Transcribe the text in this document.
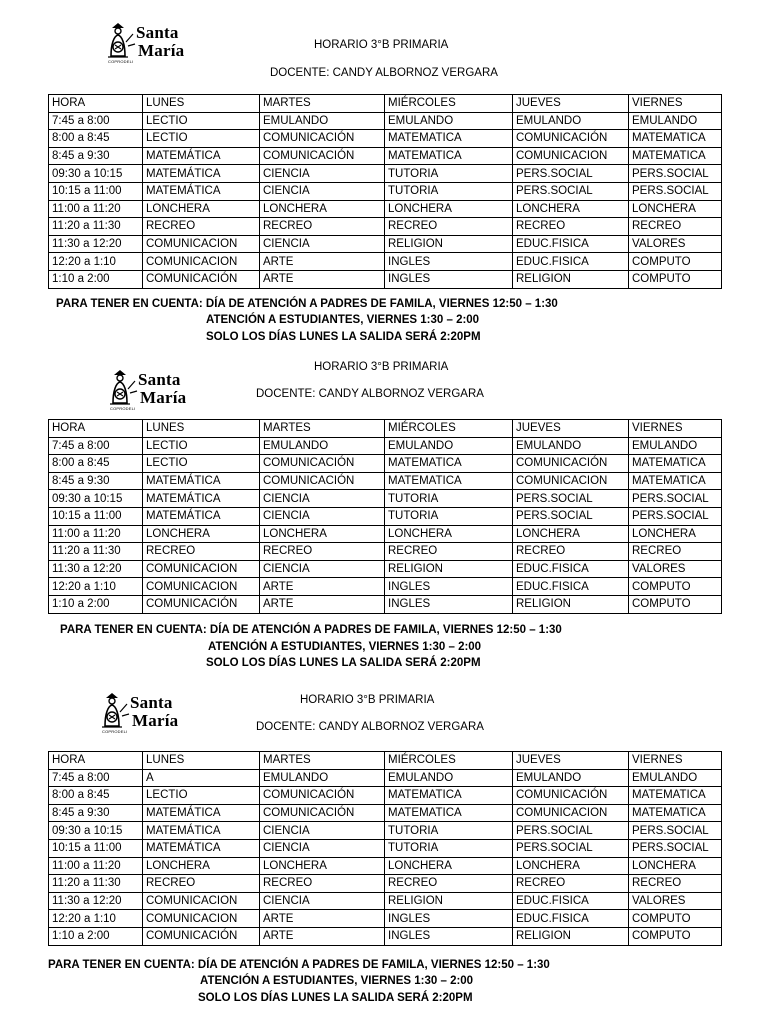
Santa
María
COPRODELI
HORARIO 3°B PRIMARIA
DOCENTE: CANDY ALBORNOZ VERGARA
HORA	LUNES	MARTES	MIÉRCOLES	JUEVES	VIERNES
7:45 a 8:00	LECTIO	EMULANDO	EMULANDO	EMULANDO	EMULANDO
8:00 a 8:45	LECTIO	COMUNICACIÓN	MATEMATICA	COMUNICACIÓN	MATEMATICA
8:45 a 9:30	MATEMÁTICA	COMUNICACIÓN	MATEMATICA	COMUNICACION	MATEMATICA
09:30 a 10:15	MATEMÁTICA	CIENCIA	TUTORIA	PERS.SOCIAL	PERS.SOCIAL
10:15 a 11:00	MATEMÁTICA	CIENCIA	TUTORIA	PERS.SOCIAL	PERS.SOCIAL
11:00 a 11:20	LONCHERA	LONCHERA	LONCHERA	LONCHERA	LONCHERA
11:20 a 11:30	RECREO	RECREO	RECREO	RECREO	RECREO
11:30 a 12:20	COMUNICACION	CIENCIA	RELIGION	EDUC.FISICA	VALORES
12:20 a 1:10	COMUNICACION	ARTE	INGLES	EDUC.FISICA	COMPUTO
1:10 a 2:00	COMUNICACIÓN	ARTE	INGLES	RELIGION	COMPUTO
PARA TENER EN CUENTA: DÍA DE ATENCIÓN A PADRES DE FAMILA, VIERNES 12:50 – 1:30
ATENCIÓN A ESTUDIANTES, VIERNES 1:30 – 2:00
SOLO LOS DÍAS LUNES LA SALIDA SERÁ 2:20PM
Santa
María
COPRODELI
HORARIO 3°B PRIMARIA
DOCENTE: CANDY ALBORNOZ VERGARA
HORA	LUNES	MARTES	MIÉRCOLES	JUEVES	VIERNES
7:45 a 8:00	LECTIO	EMULANDO	EMULANDO	EMULANDO	EMULANDO
8:00 a 8:45	LECTIO	COMUNICACIÓN	MATEMATICA	COMUNICACIÓN	MATEMATICA
8:45 a 9:30	MATEMÁTICA	COMUNICACIÓN	MATEMATICA	COMUNICACION	MATEMATICA
09:30 a 10:15	MATEMÁTICA	CIENCIA	TUTORIA	PERS.SOCIAL	PERS.SOCIAL
10:15 a 11:00	MATEMÁTICA	CIENCIA	TUTORIA	PERS.SOCIAL	PERS.SOCIAL
11:00 a 11:20	LONCHERA	LONCHERA	LONCHERA	LONCHERA	LONCHERA
11:20 a 11:30	RECREO	RECREO	RECREO	RECREO	RECREO
11:30 a 12:20	COMUNICACION	CIENCIA	RELIGION	EDUC.FISICA	VALORES
12:20 a 1:10	COMUNICACION	ARTE	INGLES	EDUC.FISICA	COMPUTO
1:10 a 2:00	COMUNICACIÓN	ARTE	INGLES	RELIGION	COMPUTO
PARA TENER EN CUENTA: DÍA DE ATENCIÓN A PADRES DE FAMILA, VIERNES 12:50 – 1:30
ATENCIÓN A ESTUDIANTES, VIERNES 1:30 – 2:00
SOLO LOS DÍAS LUNES LA SALIDA SERÁ 2:20PM
Santa
María
COPRODELI
HORARIO 3°B PRIMARIA
DOCENTE: CANDY ALBORNOZ VERGARA
HORA	LUNES	MARTES	MIÉRCOLES	JUEVES	VIERNES
7:45 a 8:00	A	EMULANDO	EMULANDO	EMULANDO	EMULANDO
8:00 a 8:45	LECTIO	COMUNICACIÓN	MATEMATICA	COMUNICACIÓN	MATEMATICA
8:45 a 9:30	MATEMÁTICA	COMUNICACIÓN	MATEMATICA	COMUNICACION	MATEMATICA
09:30 a 10:15	MATEMÁTICA	CIENCIA	TUTORIA	PERS.SOCIAL	PERS.SOCIAL
10:15 a 11:00	MATEMÁTICA	CIENCIA	TUTORIA	PERS.SOCIAL	PERS.SOCIAL
11:00 a 11:20	LONCHERA	LONCHERA	LONCHERA	LONCHERA	LONCHERA
11:20 a 11:30	RECREO	RECREO	RECREO	RECREO	RECREO
11:30 a 12:20	COMUNICACION	CIENCIA	RELIGION	EDUC.FISICA	VALORES
12:20 a 1:10	COMUNICACION	ARTE	INGLES	EDUC.FISICA	COMPUTO
1:10 a 2:00	COMUNICACIÓN	ARTE	INGLES	RELIGION	COMPUTO
PARA TENER EN CUENTA: DÍA DE ATENCIÓN A PADRES DE FAMILA, VIERNES 12:50 – 1:30
ATENCIÓN A ESTUDIANTES, VIERNES 1:30 – 2:00
SOLO LOS DÍAS LUNES LA SALIDA SERÁ 2:20PM
